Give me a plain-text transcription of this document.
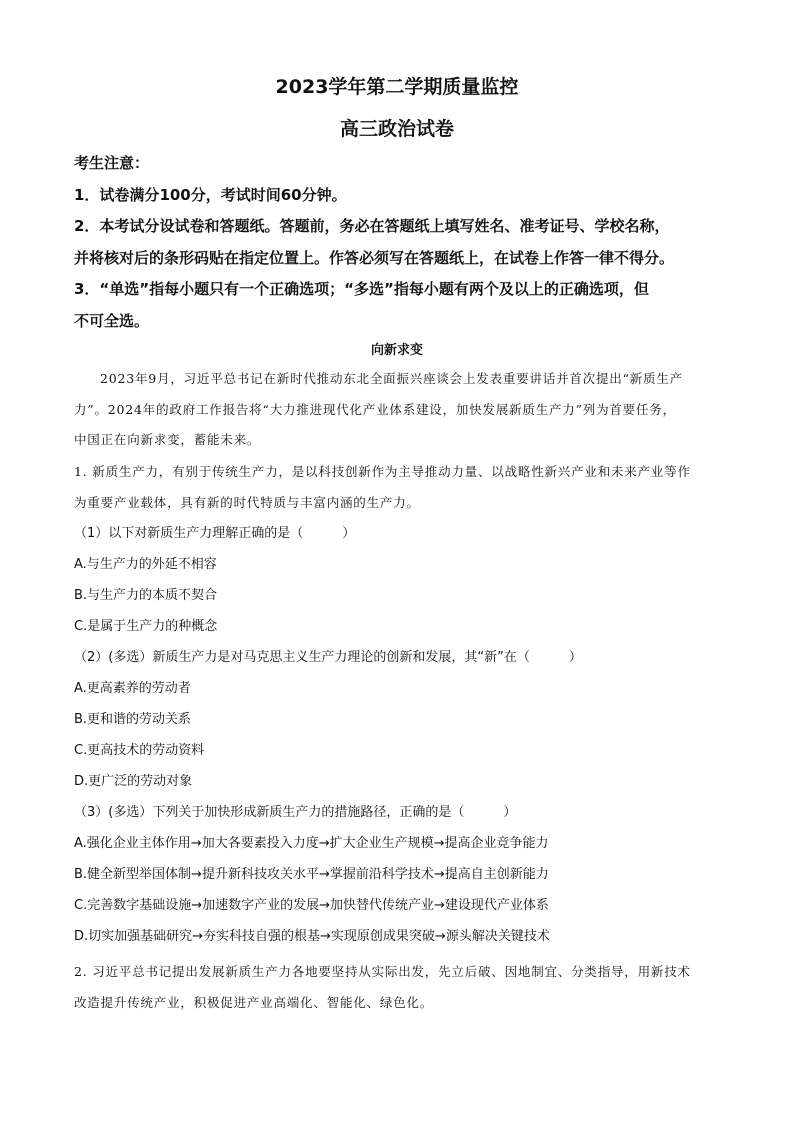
2023学年第二学期质量监控
高三政治试卷
考生注意：
1．试卷满分100分，考试时间60分钟。
2．本考试分设试卷和答题纸。答题前，务必在答题纸上填写姓名、准考证号、学校名称，
并将核对后的条形码贴在指定位置上。作答必须写在答题纸上，在试卷上作答一律不得分。
3．“单选”指每小题只有一个正确选项；“多选”指每小题有两个及以上的正确选项，但
不可全选。
向新求变
2023年9月，习近平总书记在新时代推动东北全面振兴座谈会上发表重要讲话并首次提出“新质生产
力”。2024年的政府工作报告将“大力推进现代化产业体系建设，加快发展新质生产力”列为首要任务，
中国正在向新求变，蓄能未来。
1. 新质生产力，有别于传统生产力，是以科技创新作为主导推动力量、以战略性新兴产业和未来产业等作
为重要产业载体，具有新的时代特质与丰富内涵的生产力。
（1）以下对新质生产力理解正确的是（　　　）
A.与生产力的外延不相容
B.与生产力的本质不契合
C.是属于生产力的种概念
（2）(多选）新质生产力是对马克思主义生产力理论的创新和发展，其“新”在（　　　）
A.更高素养的劳动者
B.更和谐的劳动关系
C.更高技术的劳动资料
D.更广泛的劳动对象
（3）(多选）下列关于加快形成新质生产力的措施路径，正确的是（　　　）
A.强化企业主体作用→加大各要素投入力度→扩大企业生产规模→提高企业竞争能力
B.健全新型举国体制→提升新科技攻关水平→掌握前沿科学技术→提高自主创新能力
C.完善数字基础设施→加速数字产业的发展→加快替代传统产业→建设现代产业体系
D.切实加强基础研究→夯实科技自强的根基→实现原创成果突破→源头解决关键技术
2. 习近平总书记提出发展新质生产力各地要坚持从实际出发，先立后破、因地制宜、分类指导，用新技术
改造提升传统产业，积极促进产业高端化、智能化、绿色化。
